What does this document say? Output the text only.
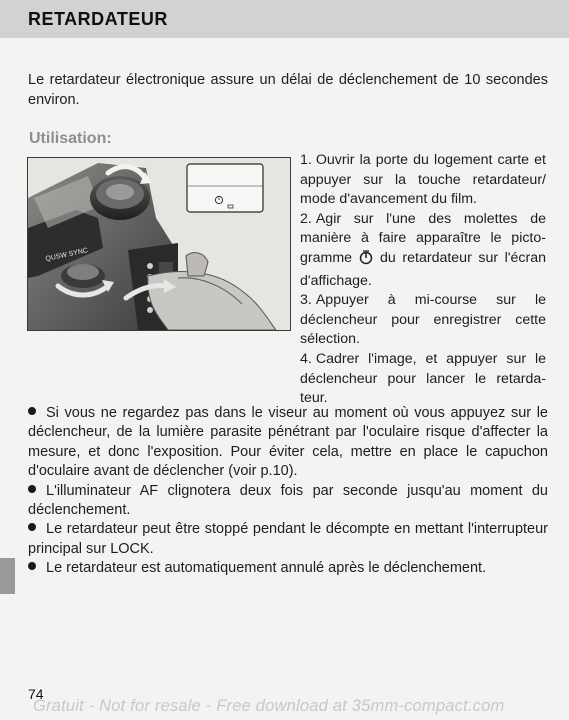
RETARDATEUR

Le retardateur électronique assure un délai de déclenchement de 10 secondes environ.

Utilisation:
QUSW SYNC

1. Ouvrir la porte du logement carte et appuyer sur la touche retardateur/ mode d'avancement du film.

2. Agir sur l'une des molettes de manière à faire apparaître le picto-gramme du retardateur sur l'écran d'affichage.

3. Appuyer à mi-course sur le déclencheur pour enregistrer cette sélection.

4. Cadrer l'image, et appuyer sur le déclencheur pour lancer le retarda-teur.

Si vous ne regardez pas dans le viseur au moment où vous appuyez sur le déclencheur, de la lumière parasite pénétrant par l'oculaire risque d'affecter la mesure, et donc l'exposition. Pour éviter cela, mettre en place le capuchon d'oculaire avant de déclencher (voir p.10).

L'illuminateur AF clignotera deux fois par seconde jusqu'au moment du déclenchement.

Le retardateur peut être stoppé pendant le décompte en mettant l'interrupteur principal sur LOCK.

Le retardateur est automatiquement annulé après le déclenchement.

74
Gratuit - Not for resale - Free download at 35mm-compact.com
